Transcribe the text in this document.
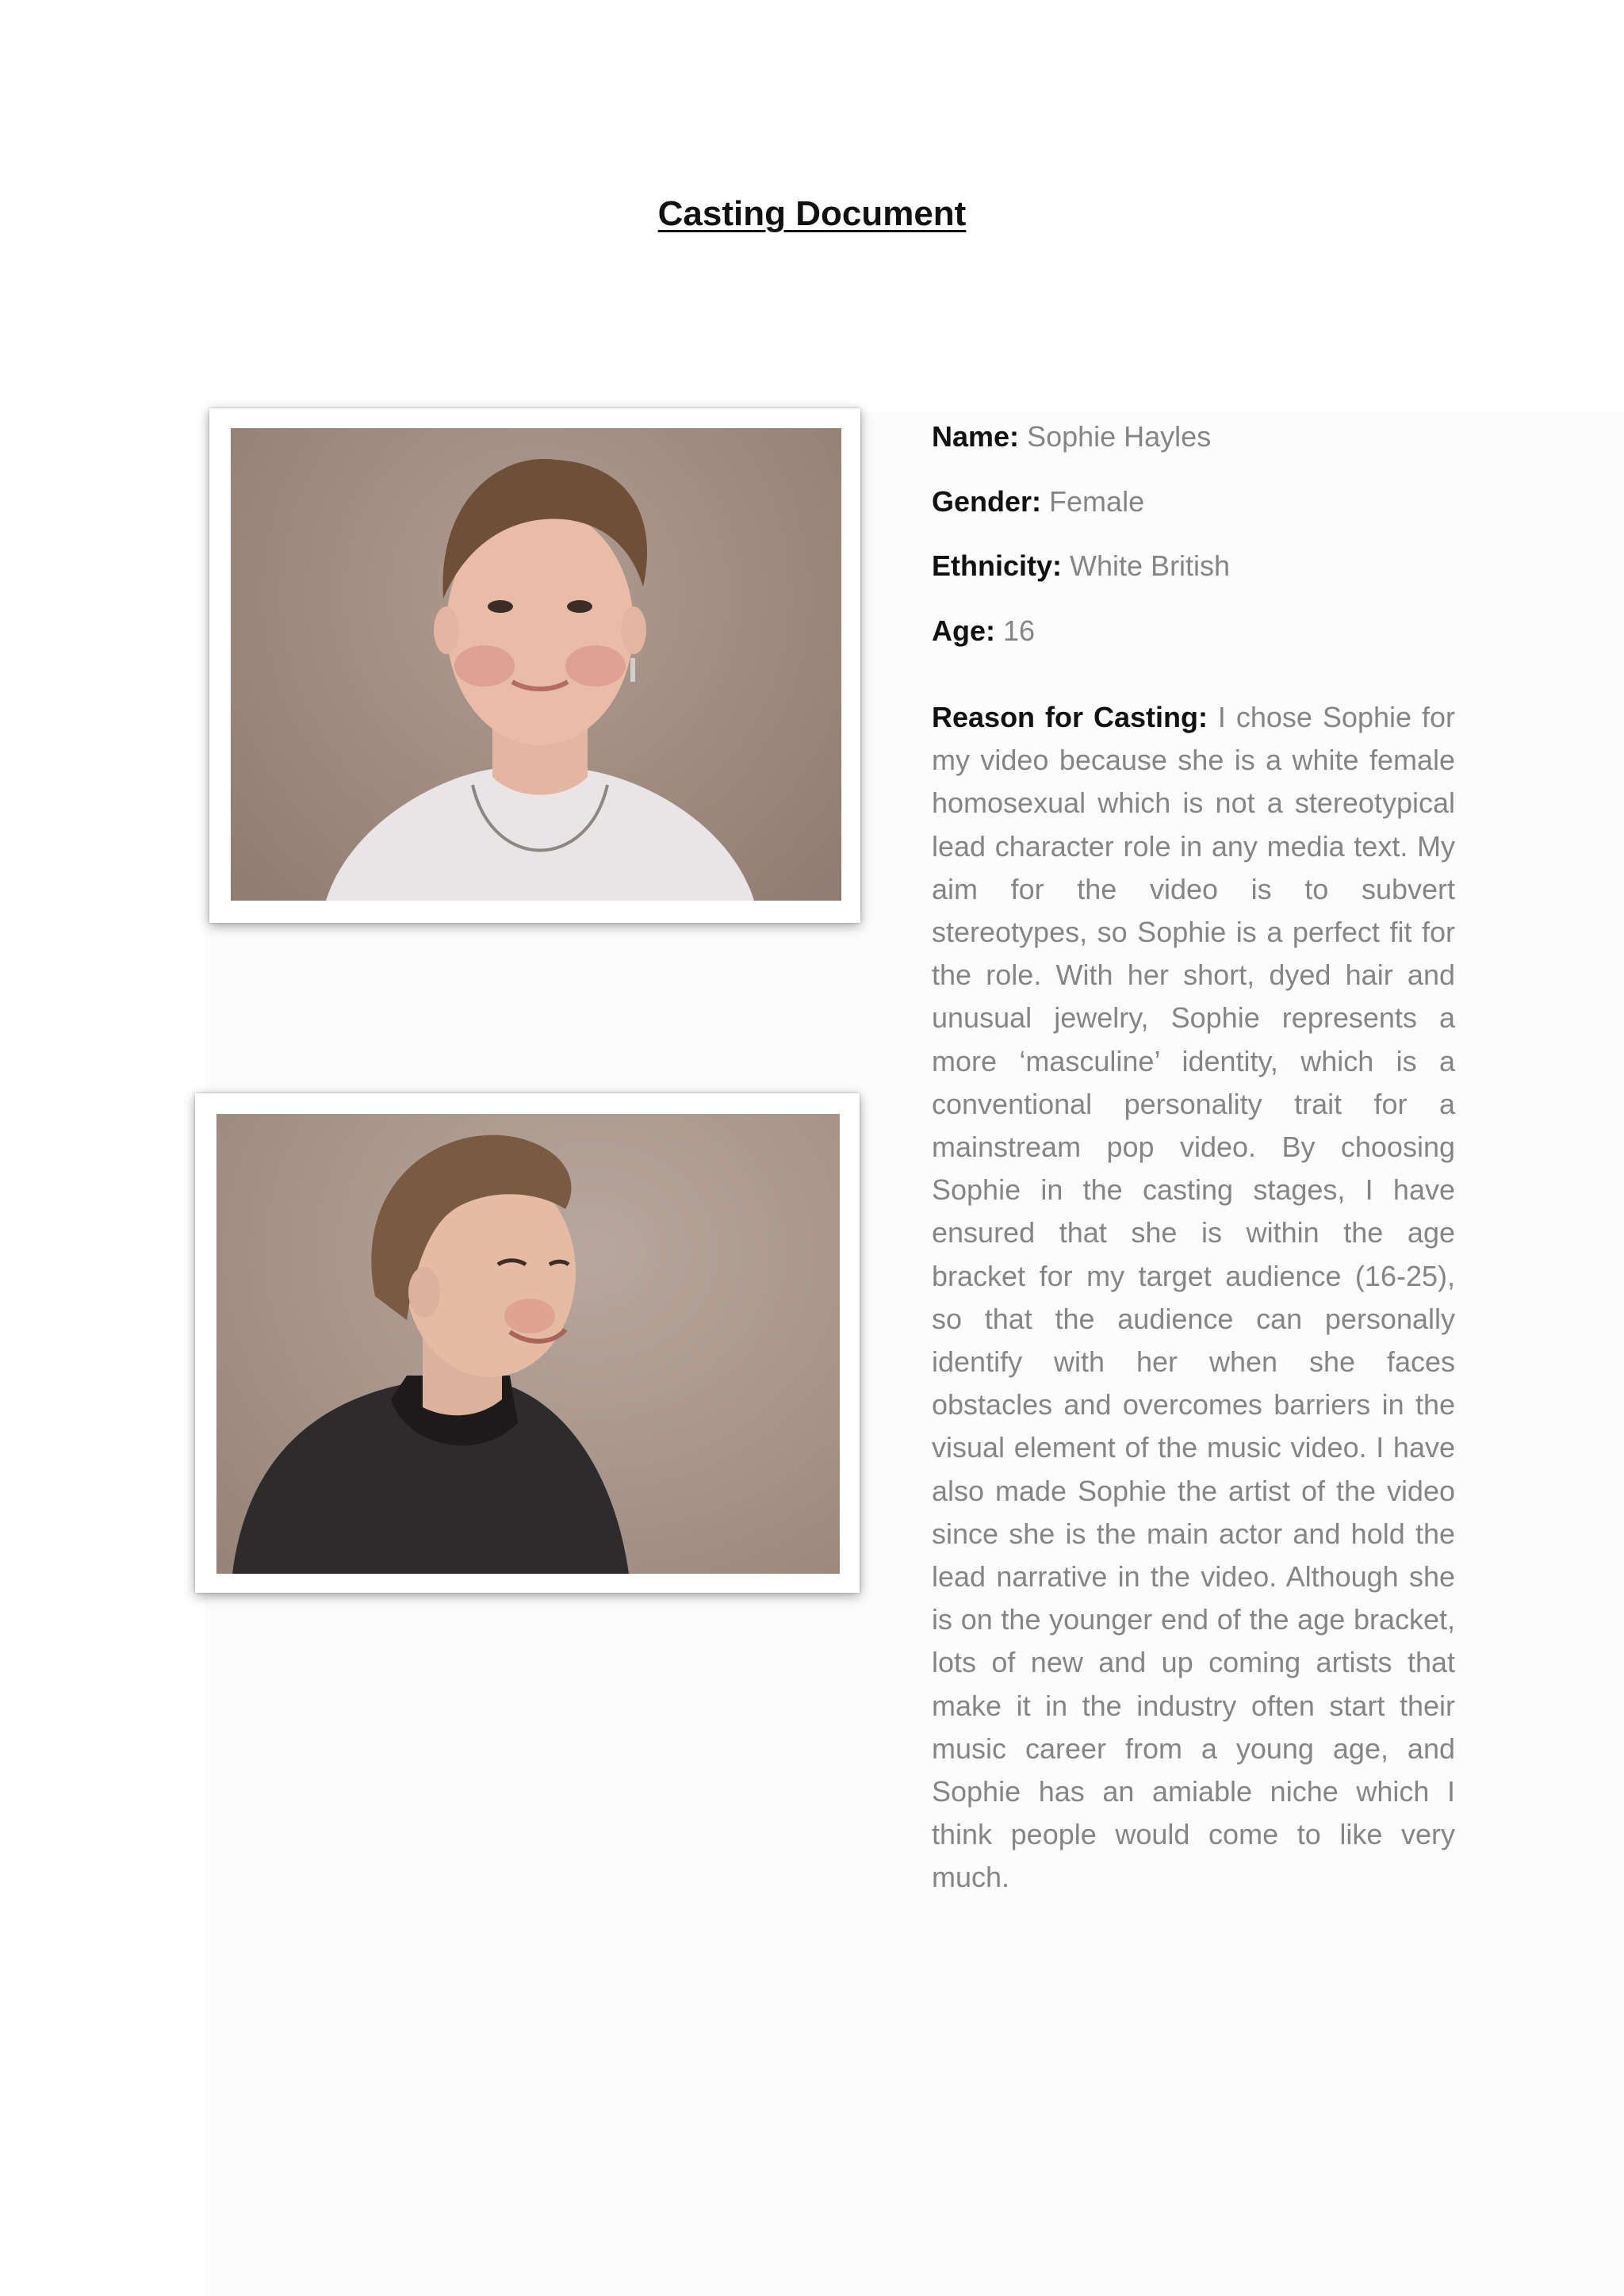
Casting Document
Name: Sophie Hayles
Gender: Female
Ethnicity: White British
Age: 16
Reason for Casting: I chose Sophie for my video because she is a white female homosexual which is not a stereotypical lead character role in any media text. My aim for the video is to subvert stereotypes, so Sophie is a perfect fit for the role. With her short, dyed hair and unusual jewelry, Sophie represents a more ‘masculine’ identity, which is a conventional personality trait for a mainstream pop video. By choosing Sophie in the casting stages, I have ensured that she is within the age bracket for my target audience (16-25), so that the audience can personally identify with her when she faces obstacles and overcomes barriers in the visual element of the music video. I have also made Sophie the artist of the video since she is the main actor and hold the lead narrative in the video. Although she is on the younger end of the age bracket, lots of new and up coming artists that make it in the industry often start their music career from a young age, and Sophie has an amiable niche which I think people would come to like very much.
